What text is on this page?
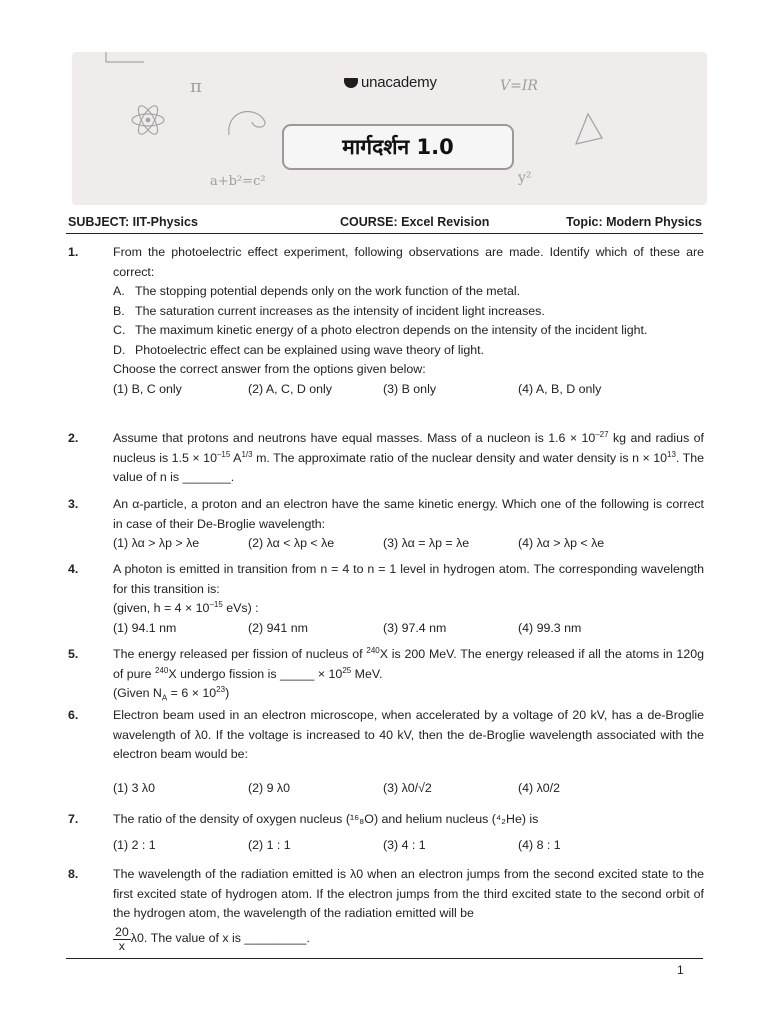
π	V=IR
a+b²=c²	y²
unacademy
मार्गदर्शन 1.0
SUBJECT: IIT-Physics	COURSE: Excel Revision	Topic: Modern Physics
1.	From the photoelectric effect experiment, following observations are made. Identify which of these are correct:
A. The stopping potential depends only on the work function of the metal.
B. The saturation current increases as the intensity of incident light increases.
C. The maximum kinetic energy of a photo electron depends on the intensity of the incident light.
D. Photoelectric effect can be explained using wave theory of light.
Choose the correct answer from the options given below:
(1) B, C only	(2) A, C, D only	(3) B only	(4) A, B, D only
2.	Assume that protons and neutrons have equal masses. Mass of a nucleon is $1.6 \times 10^{-27}$ kg and radius of nucleus is $1.5 \times 10^{-15}$ $A^{1/3}$ m. The approximate ratio of the nuclear density and water density is $n \times 10^{13}$. The value of n is _______.
3.	An α-particle, a proton and an electron have the same kinetic energy. Which one of the following is correct in case of their De-Broglie wavelength:
(1) λα > λp > λe	(2) λα < λp < λe	(3) λα = λp = λe	(4) λα > λp < λe
4.	A photon is emitted in transition from n = 4 to n = 1 level in hydrogen atom. The corresponding wavelength for this transition is:
(given, $h = 4 \times 10^{-15}$ eVs) :
(1) 94.1 nm	(2) 941 nm	(3) 97.4 nm	(4) 99.3 nm
5.	The energy released per fission of nucleus of $^{240}$X is 200 MeV. The energy released if all the atoms in 120g of pure $^{240}$X undergo fission is _____ × $10^{25}$ MeV.
(Given $N_A = 6 \times 10^{23}$)
6.	Electron beam used in an electron microscope, when accelerated by a voltage of 20 kV, has a de-Broglie wavelength of λ0. If the voltage is increased to 40 kV, then the de-Broglie wavelength associated with the electron beam would be:
(1) 3 λ0	(2) 9 λ0	(3) λ0/√2	(4) λ0/2
7.	The ratio of the density of oxygen nucleus (¹⁶₈O) and helium nucleus (⁴₂He) is
(1) 2 : 1	(2) 1 : 1	(3) 4 : 1	(4) 8 : 1
8.	The wavelength of the radiation emitted is λ0 when an electron jumps from the second excited state to the first excited state of hydrogen atom. If the electron jumps from the third excited state to the second orbit of the hydrogen atom, the wavelength of the radiation emitted will be
20
x
λ0. The value of x is _________.
1
